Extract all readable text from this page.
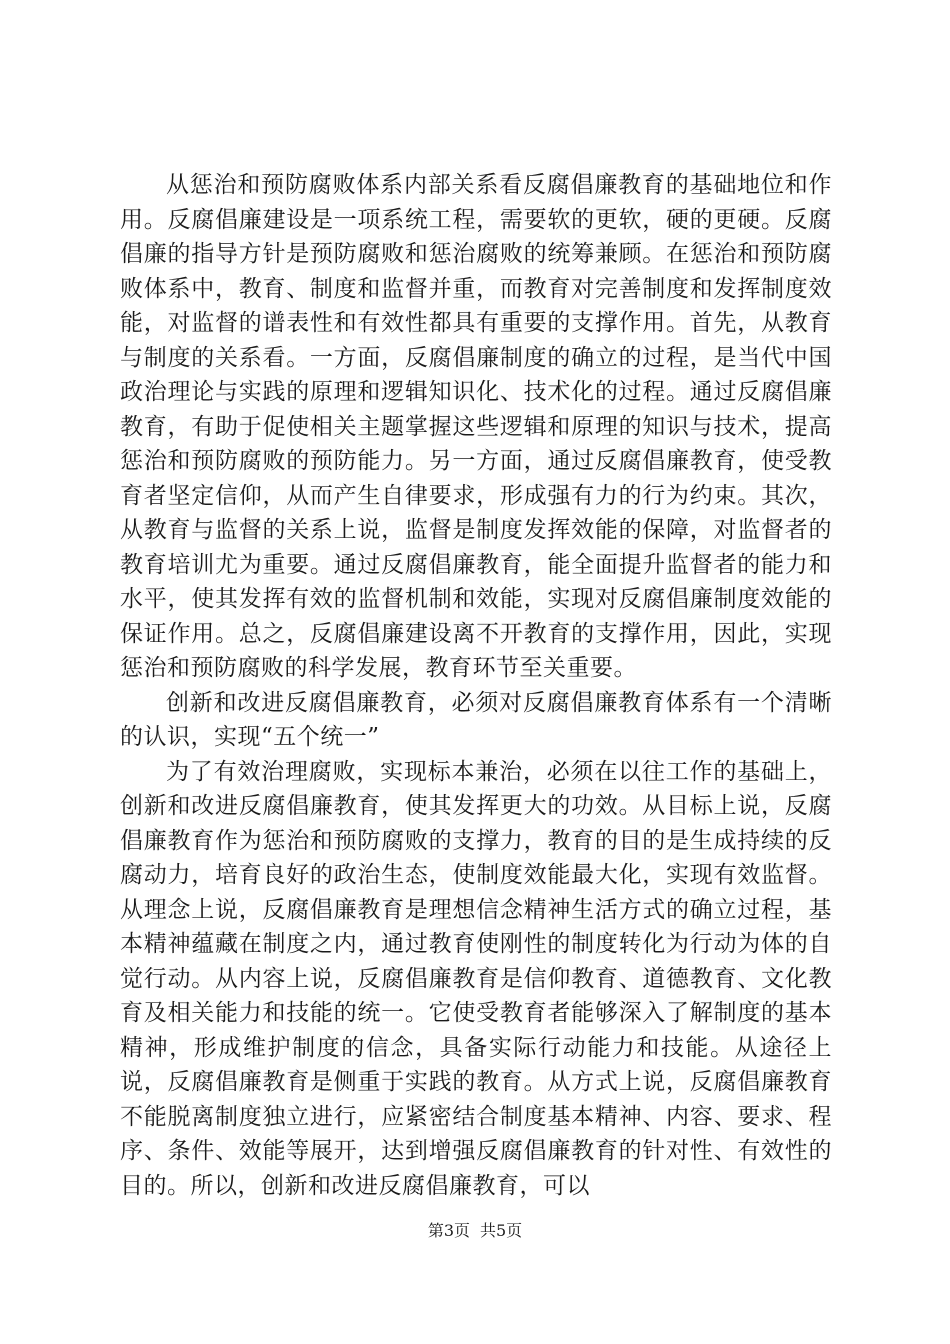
从惩治和预防腐败体系内部关系看反腐倡廉教育的基础地位和作用。反腐倡廉建设是一项系统工程，需要软的更软，硬的更硬。反腐倡廉的指导方针是预防腐败和惩治腐败的统筹兼顾。在惩治和预防腐败体系中，教育、制度和监督并重，而教育对完善制度和发挥制度效能，对监督的谱表性和有效性都具有重要的支撑作用。首先，从教育与制度的关系看。一方面，反腐倡廉制度的确立的过程，是当代中国政治理论与实践的原理和逻辑知识化、技术化的过程。通过反腐倡廉教育，有助于促使相关主题掌握这些逻辑和原理的知识与技术，提高惩治和预防腐败的预防能力。另一方面，通过反腐倡廉教育，使受教育者坚定信仰，从而产生自律要求，形成强有力的行为约束。其次，从教育与监督的关系上说，监督是制度发挥效能的保障，对监督者的教育培训尤为重要。通过反腐倡廉教育，能全面提升监督者的能力和水平，使其发挥有效的监督机制和效能，实现对反腐倡廉制度效能的保证作用。总之，反腐倡廉建设离不开教育的支撑作用，因此，实现惩治和预防腐败的科学发展，教育环节至关重要。

创新和改进反腐倡廉教育，必须对反腐倡廉教育体系有一个清晰的认识，实现“五个统一”

为了有效治理腐败，实现标本兼治，必须在以往工作的基础上，创新和改进反腐倡廉教育，使其发挥更大的功效。从目标上说，反腐倡廉教育作为惩治和预防腐败的支撑力，教育的目的是生成持续的反腐动力，培育良好的政治生态，使制度效能最大化，实现有效监督。从理念上说，反腐倡廉教育是理想信念精神生活方式的确立过程，基本精神蕴藏在制度之内，通过教育使刚性的制度转化为行动为体的自觉行动。从内容上说，反腐倡廉教育是信仰教育、道德教育、文化教育及相关能力和技能的统一。它使受教育者能够深入了解制度的基本精神，形成维护制度的信念，具备实际行动能力和技能。从途径上说，反腐倡廉教育是侧重于实践的教育。从方式上说，反腐倡廉教育不能脱离制度独立进行，应紧密结合制度基本精神、内容、要求、程序、条件、效能等展开，达到增强反腐倡廉教育的针对性、有效性的目的。所以，创新和改进反腐倡廉教育，可以

第3页 共5页
